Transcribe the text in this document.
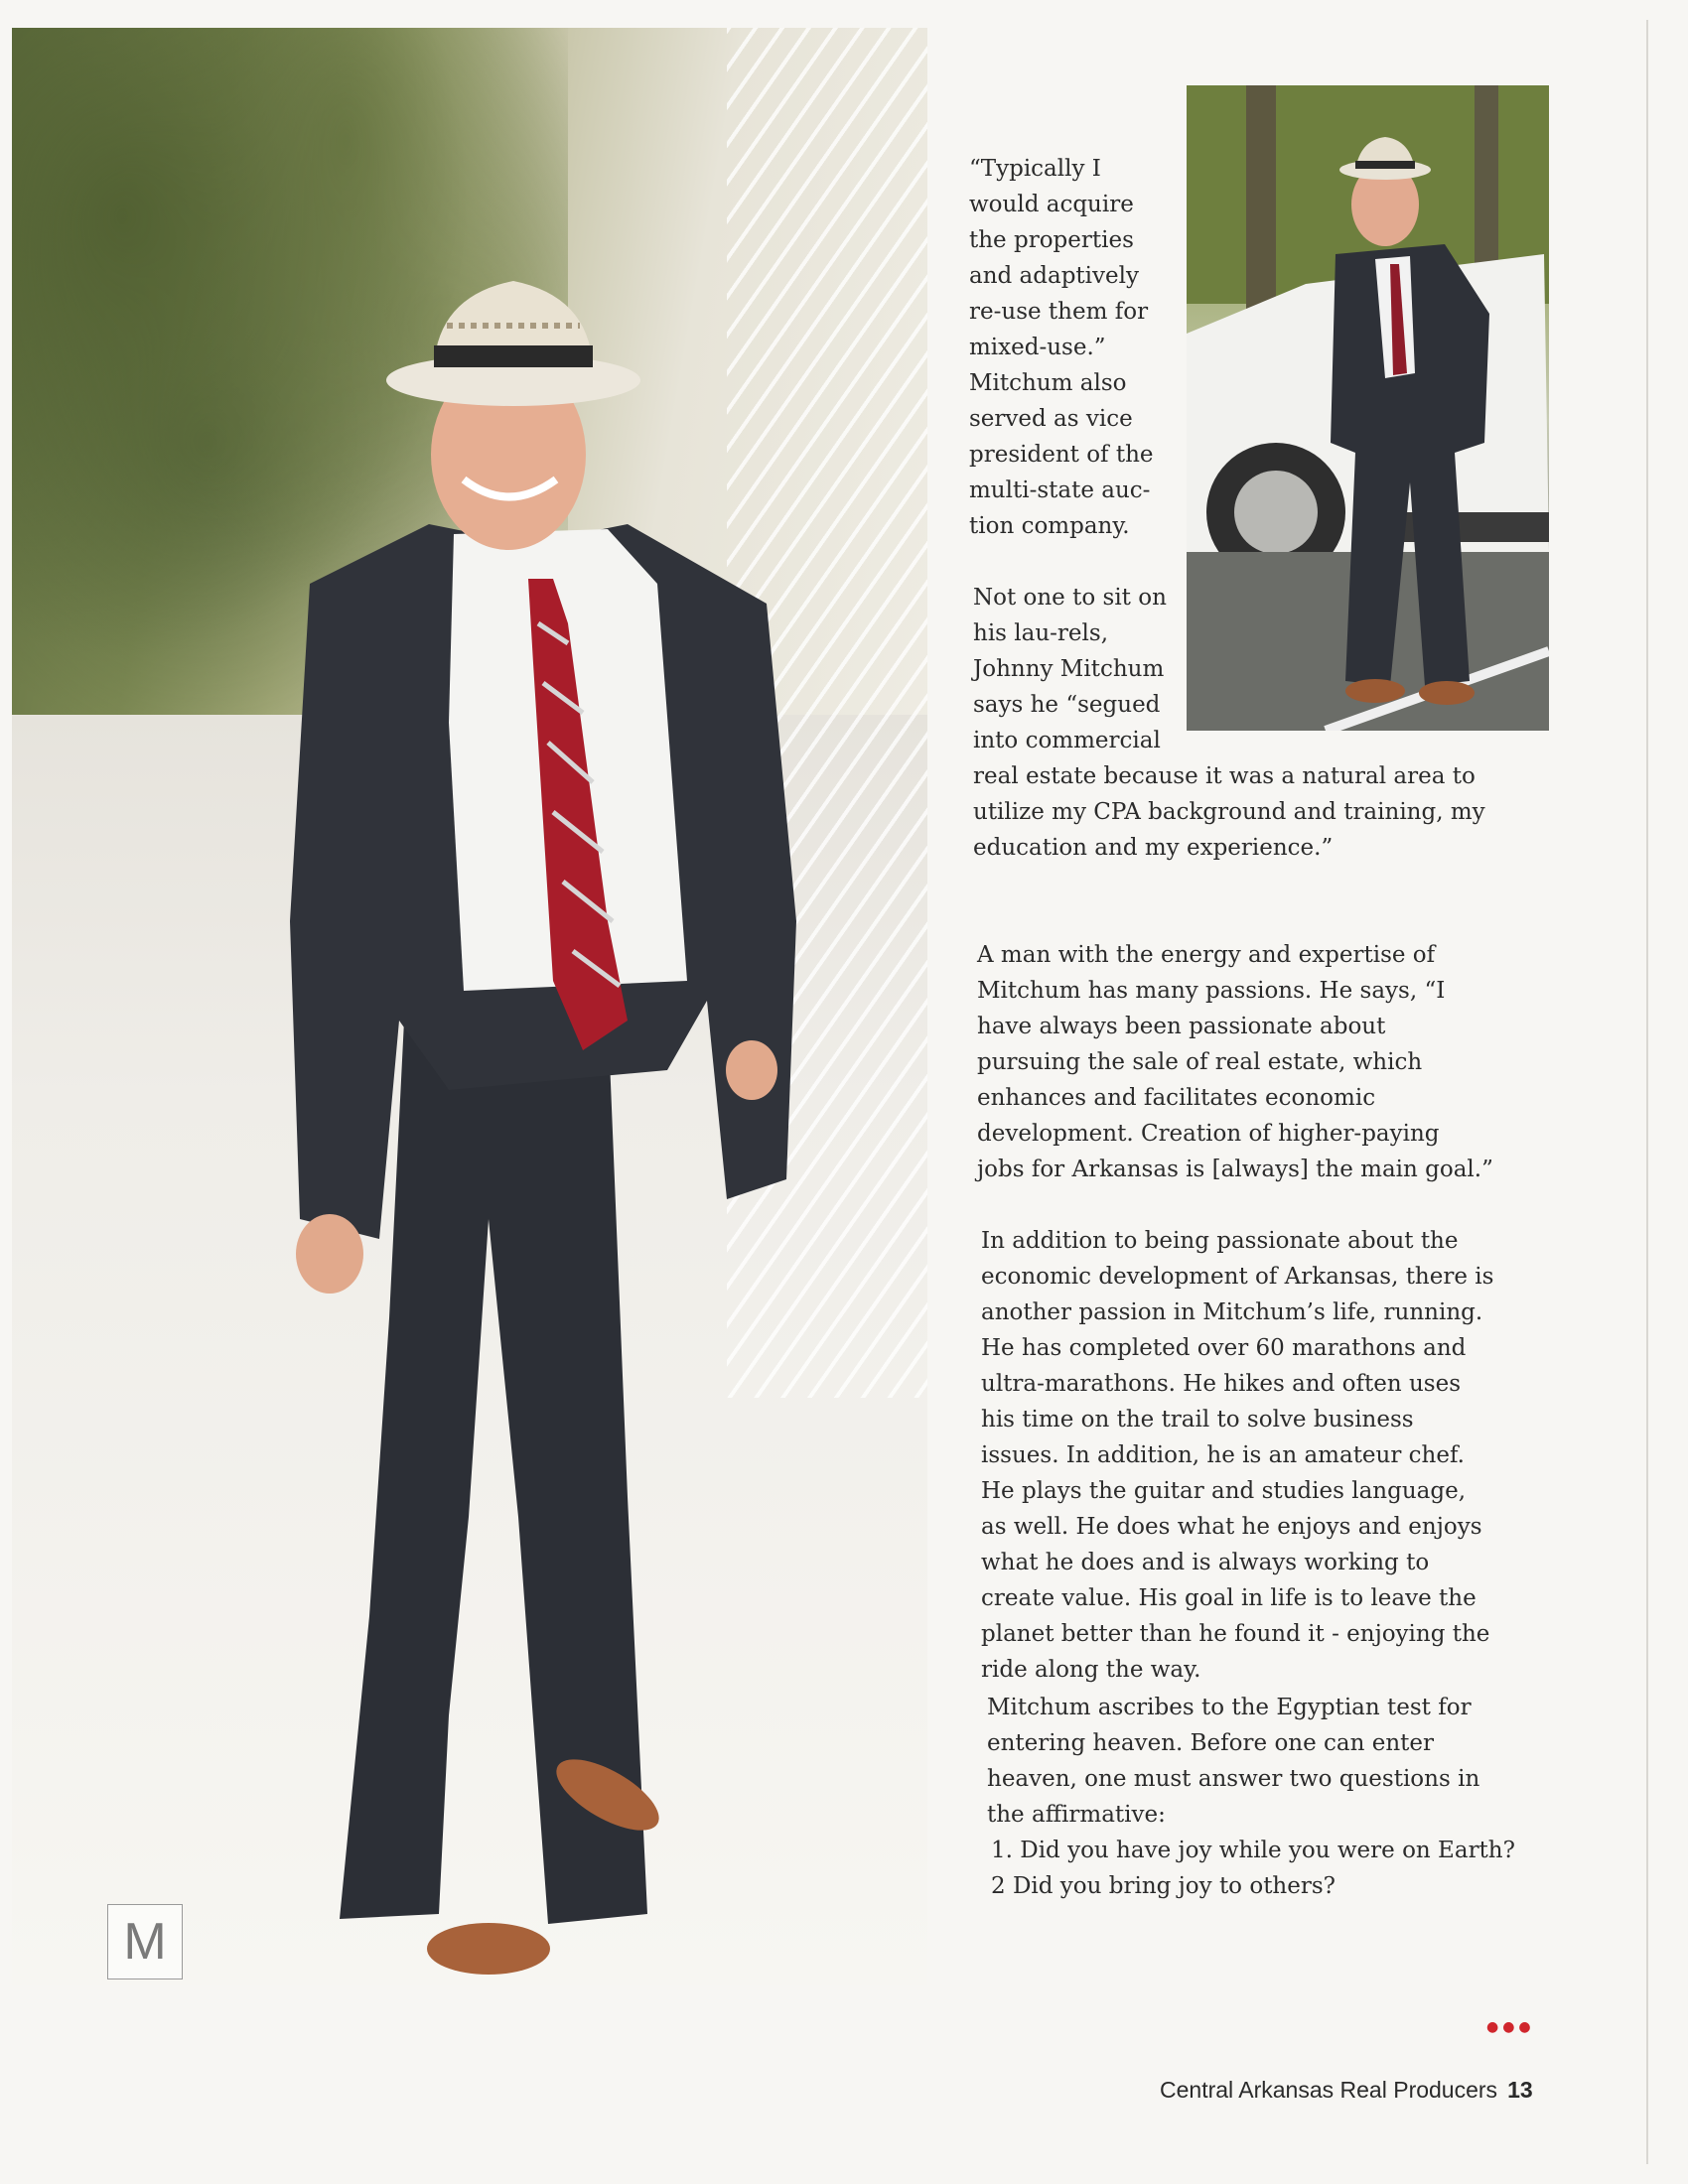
M
“Typically I would acquire the properties and adaptively re-use them for mixed-use.” Mitchum also served as vice president of the multi-state auc-tion company.
Not one to sit on his lau-rels, Johnny Mitchum says he “segued into commercial
real estate because it was a natural area to utilize my CPA background and training, my education and my experience.”
A man with the energy and expertise of Mitchum has many passions. He says, “I have always been passionate about pursuing the sale of real estate, which enhances and facilitates economic development. Creation of higher-paying jobs for Arkansas is [always] the main goal.”
In addition to being passionate about the economic development of Arkansas, there is another passion in Mitchum’s life, running. He has completed over 60 marathons and ultra-marathons. He hikes and often uses his time on the trail to solve business issues. In addition, he is an amateur chef. He plays the guitar and studies language, as well. He does what he enjoys and enjoys what he does and is always working to create value. His goal in life is to leave the planet better than he found it - enjoying the ride along the way.
Mitchum ascribes to the Egyptian test for entering heaven. Before one can enter heaven, one must answer two questions in the affirmative:
1. Did you have joy while you were on Earth?
2 Did you bring joy to others?
●●●
Central Arkansas Real Producers 13
